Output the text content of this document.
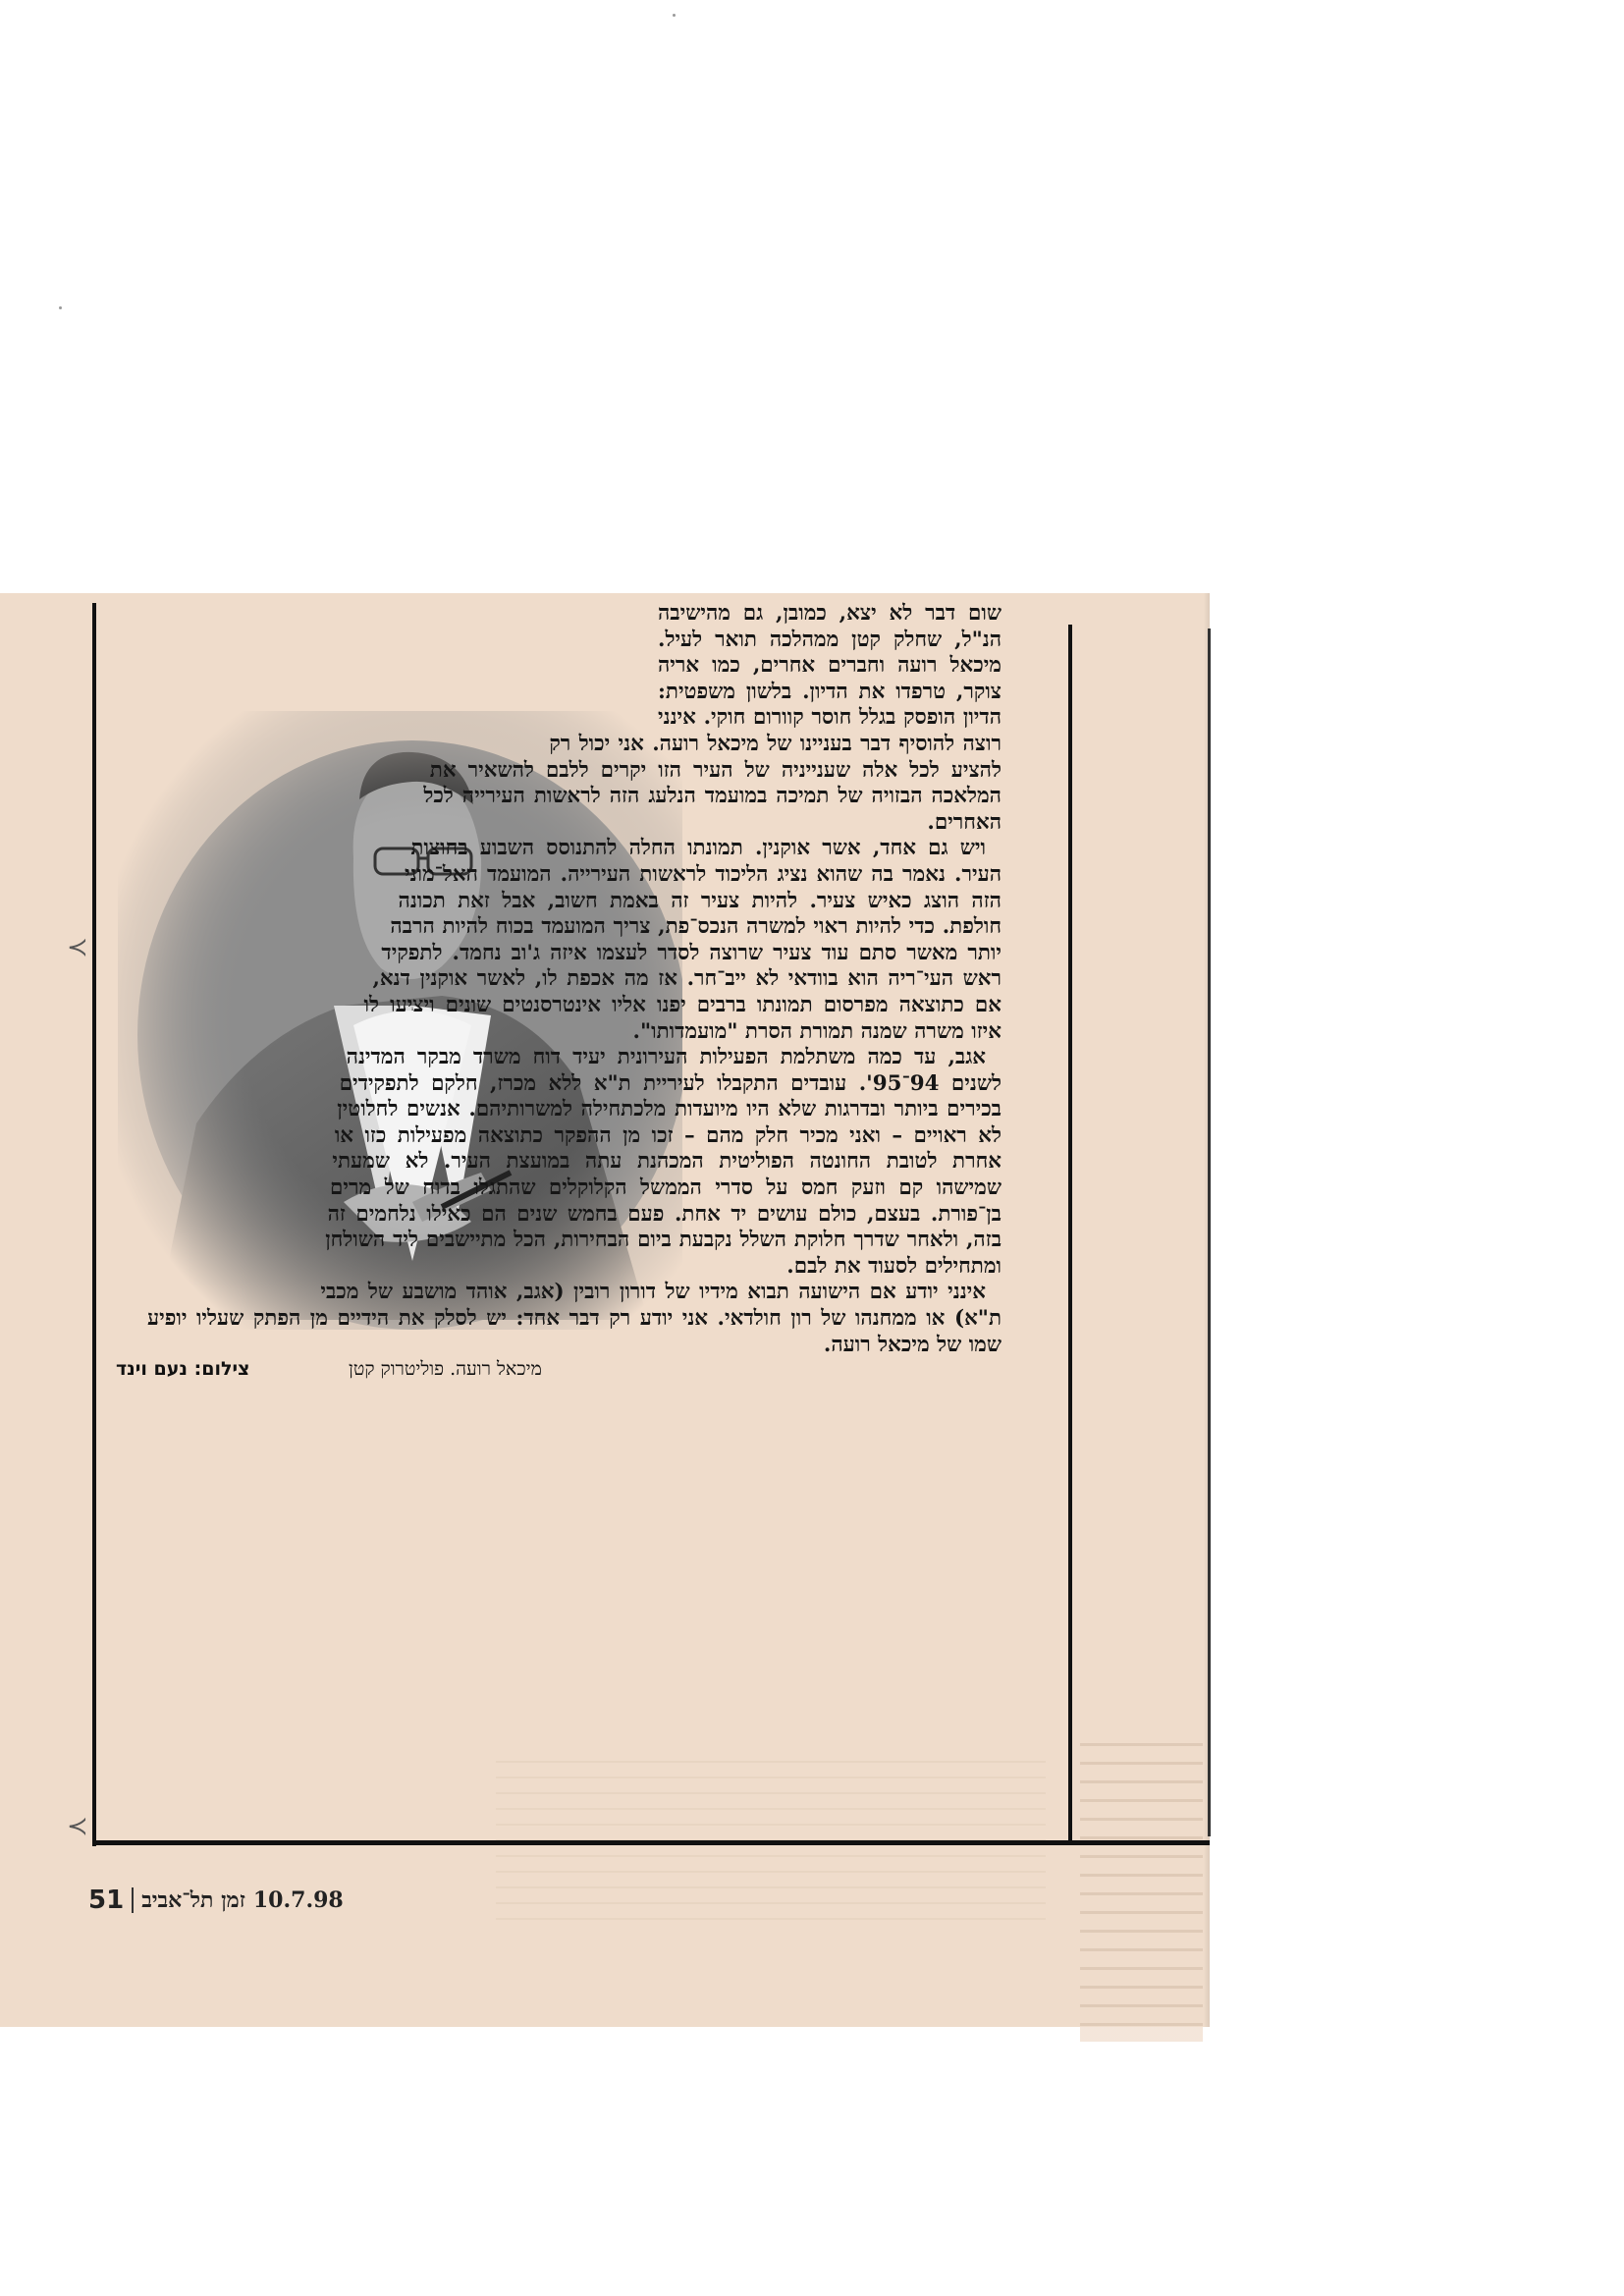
≺
≺

שום דבר לא יצא, כמובן, גם מהישיבה הנ"ל, שחלק קטן ממהלכה תואר לעיל. מיכאל רועה וחברים אחרים, כמו אריה צוקר, טרפדו את הדיון. בלשון משפטית: הדיון הופסק בגלל חוסר קוורום חוקי. אינני רוצה להוסיף דבר בעניינו של מיכאל רועה. אני יכול רק להציע לכל אלה שענייניה של העיר הזו יקרים ללבם להשאיר את המלאכה הבזויה של תמיכה במועמד הנלעג הזה לראשות העירייה לכל האחרים.

ויש גם אחד, אשר אוקנין. תמונתו החלה להתנוסס השבוע בחוצות העיר. נאמר בה שהוא נציג הליכוד לראשות העירייה. המועמד האל־מוני הזה הוצג כאיש צעיר. להיות צעיר זה באמת חשוב, אבל זאת תכונה חולפת. כדי להיות ראוי למשרה הנכס־פת, צריך המועמד בכוח להיות הרבה יותר מאשר סתם עוד צעיר שרוצה לסדר לעצמו איזה ג'וב נחמד. לתפקיד ראש העי־ריה הוא בוודאי לא ייב־חר. אז מה אכפת לו, לאשר אוקנין דנא, אם כתוצאה מפרסום תמונתו ברבים יפנו אליו אינטרסנטים שונים ויציעו לו איזו משרה שמנה תמורת הסרת "מועמדותו".

אגב, עד כמה משתלמת הפעילות העירונית יעיד דוח משרד מבקר המדינה לשנים 94־95'. עובדים התקבלו לעיריית ת"א ללא מכרז, חלקם לתפקידים בכירים ביותר ובדרגות שלא היו מיועדות מלכתחילה למשרותיהם. אנשים לחלוטין לא ראויים – ואני מכיר חלק מהם – זכו מן ההפקר כתוצאה מפעילות כזו או אחרת לטובת החונטה הפוליטית המכהנת עתה במועצת העיר. לא שמעתי שמישהו קם וזעק חמס על סדרי הממשל הקלוקלים שהתגלו בדוח של מרים בן־פורת. בעצם, כולם עושים יד אחת. פעם בחמש שנים הם כאילו נלחמים זה בזה, ולאחר שדרך חלוקת השלל נקבעת ביום הבחירות, הכל מתיישבים ליד השולחן ומתחילים לסעוד את לבם.

אינני יודע אם הישועה תבוא מידיו של דורון רובין (אגב, אוהד מושבע של מכבי ת"א) או ממחנהו של רון חולדאי. אני יודע רק דבר אחד: יש לסלק את הידיים מן הפתק שעליו יופיע שמו של מיכאל רועה.

מיכאל רועה. פוליטרוק קטן
צילום: נעם וינד
51 זמן תל־אביב 10.7.98
